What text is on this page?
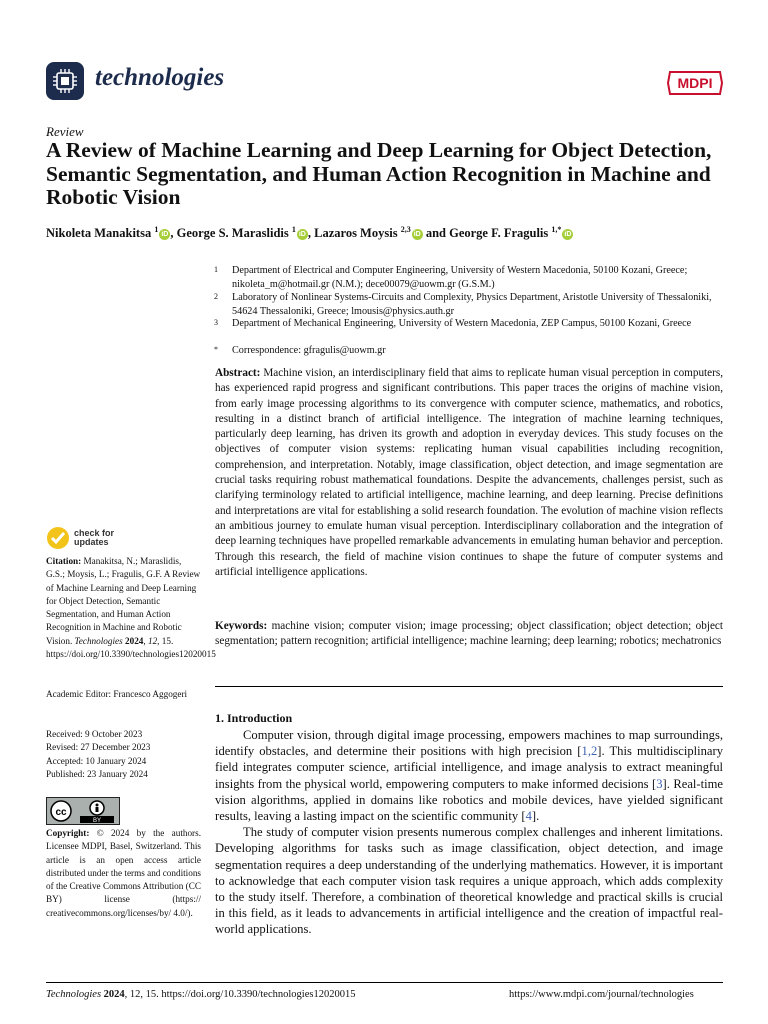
technologies	MDPI
Review
A Review of Machine Learning and Deep Learning for Object Detection, Semantic Segmentation, and Human Action Recognition in Machine and Robotic Vision
Nikoleta Manakitsa $^1$iD , George S. Maraslidis $^1$iD , Lazaros Moysis $^{2,3}$iD and George F. Fragulis $^{1,*}$iD
1 Department of Electrical and Computer Engineering, University of Western Macedonia, 50100 Kozani, Greece; nikoleta_m@hotmail.gr (N.M.); dece00079@uowm.gr (G.S.M.)
2 Laboratory of Nonlinear Systems-Circuits and Complexity, Physics Department, Aristotle University of Thessaloniki, 54624 Thessaloniki, Greece; lmousis@physics.auth.gr
3 Department of Mechanical Engineering, University of Western Macedonia, ZEP Campus, 50100 Kozani, Greece
* Correspondence: gfragulis@uowm.gr
Abstract: Machine vision, an interdisciplinary field that aims to replicate human visual perception in computers, has experienced rapid progress and significant contributions. This paper traces the origins of machine vision, from early image processing algorithms to its convergence with computer science, mathematics, and robotics, resulting in a distinct branch of artificial intelligence. The integration of machine learning techniques, particularly deep learning, has driven its growth and adoption in everyday devices. This study focuses on the objectives of computer vision systems: replicating human visual capabilities including recognition, comprehension, and interpretation. Notably, image classification, object detection, and image segmentation are crucial tasks requiring robust mathematical foundations. Despite the advancements, challenges persist, such as clarifying terminology related to artificial intelligence, machine learning, and deep learning. Precise definitions and interpretations are vital for establishing a solid research foundation. The evolution of machine vision reflects an ambitious journey to emulate human visual perception. Interdisciplinary collaboration and the integration of deep learning techniques have propelled remarkable advancements in emulating human behavior and perception. Through this research, the field of machine vision continues to shape the future of computer systems and artificial intelligence applications.
Keywords: machine vision; computer vision; image processing; object classification; object detection; object segmentation; pattern recognition; artificial intelligence; machine learning; deep learning; robotics; mechatronics
1. Introduction

Computer vision, through digital image processing, empowers machines to map surroundings, identify obstacles, and determine their positions with high precision [1,2]. This multidisciplinary field integrates computer science, artificial intelligence, and image analysis to extract meaningful insights from the physical world, empowering computers to make informed decisions [3]. Real-time vision algorithms, applied in domains like robotics and mobile devices, have yielded significant results, leaving a lasting impact on the scientific community [4].

The study of computer vision presents numerous complex challenges and inherent limitations. Developing algorithms for tasks such as image classification, object detection, and image segmentation requires a deep understanding of the underlying mathematics. However, it is important to acknowledge that each computer vision task requires a unique approach, which adds complexity to the study itself. Therefore, a combination of theoretical knowledge and practical skills is crucial in this field, as it leads to advancements in artificial intelligence and the creation of impactful real-world applications.

check for
updates
Citation: Manakitsa, N.; Maraslidis, G.S.; Moysis, L.; Fragulis, G.F. A Review of Machine Learning and Deep Learning for Object Detection, Semantic Segmentation, and Human Action Recognition in Machine and Robotic Vision. Technologies 2024, 12, 15. https://doi.org/10.3390/technologies12020015
Academic Editor: Francesco Aggogeri
Received: 9 October 2023
Revised: 27 December 2023
Accepted: 10 January 2024
Published: 23 January 2024
cc
BY
Copyright: © 2024 by the authors. Licensee MDPI, Basel, Switzerland. This article is an open access article distributed under the terms and conditions of the Creative Commons Attribution (CC BY) license (https:// creativecommons.org/licenses/by/ 4.0/).
Technologies 2024, 12, 15. https://doi.org/10.3390/technologies12020015	https://www.mdpi.com/journal/technologies
